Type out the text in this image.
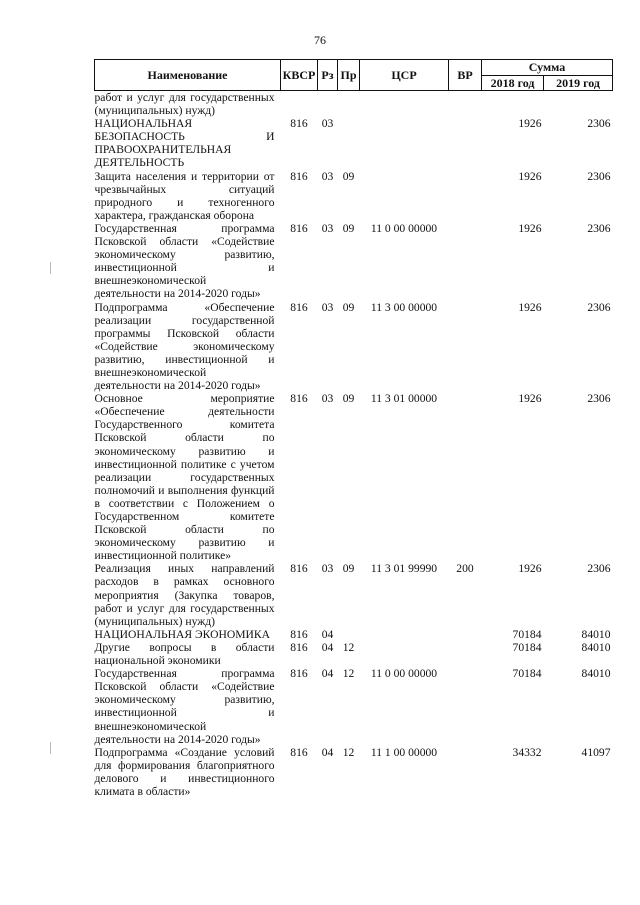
76
Наименование	КВСР	Рз	Пр	ЦСР	ВР	Сумма	
						2018 год	2019 год
работ и услуг для государственных (муниципальных) нужд)							
НАЦИОНАЛЬНАЯ БЕЗОПАСНОСТЬ И ПРАВООХРАНИТЕЛЬНАЯ ДЕЯТЕЛЬНОСТЬ	816	03				1926	2306
Защита населения и территории от чрезвычайных ситуаций природного и техногенного характера, гражданская оборона	816	03	09			1926	2306
Государственная программа Псковской области «Содействие экономическому развитию, инвестиционной и внешнеэкономической деятельности на 2014-2020 годы»	816	03	09	11 0 00 00000		1926	2306
Подпрограмма «Обеспечение реализации государственной программы Псковской области «Содействие экономическому развитию, инвестиционной и внешнеэкономической деятельности на 2014-2020 годы»	816	03	09	11 3 00 00000		1926	2306
Основное мероприятие «Обеспечение деятельности Государственного комитета Псковской области по экономическому развитию и инвестиционной политике с учетом реализации государственных полномочий и выполнения функций в соответствии с Положением о Государственном комитете Псковской области по экономическому развитию и инвестиционной политике»	816	03	09	11 3 01 00000		1926	2306
Реализация иных направлений расходов в рамках основного мероприятия (Закупка товаров, работ и услуг для государственных (муниципальных) нужд)	816	03	09	11 3 01 99990	200	1926	2306
НАЦИОНАЛЬНАЯ ЭКОНОМИКА	816	04				70184	84010
Другие вопросы в области национальной экономики	816	04	12			70184	84010
Государственная программа Псковской области «Содействие экономическому развитию, инвестиционной и внешнеэкономической деятельности на 2014-2020 годы»	816	04	12	11 0 00 00000		70184	84010
Подпрограмма «Создание условий для формирования благоприятного делового и инвестиционного климата в области»	816	04	12	11 1 00 00000		34332	41097
